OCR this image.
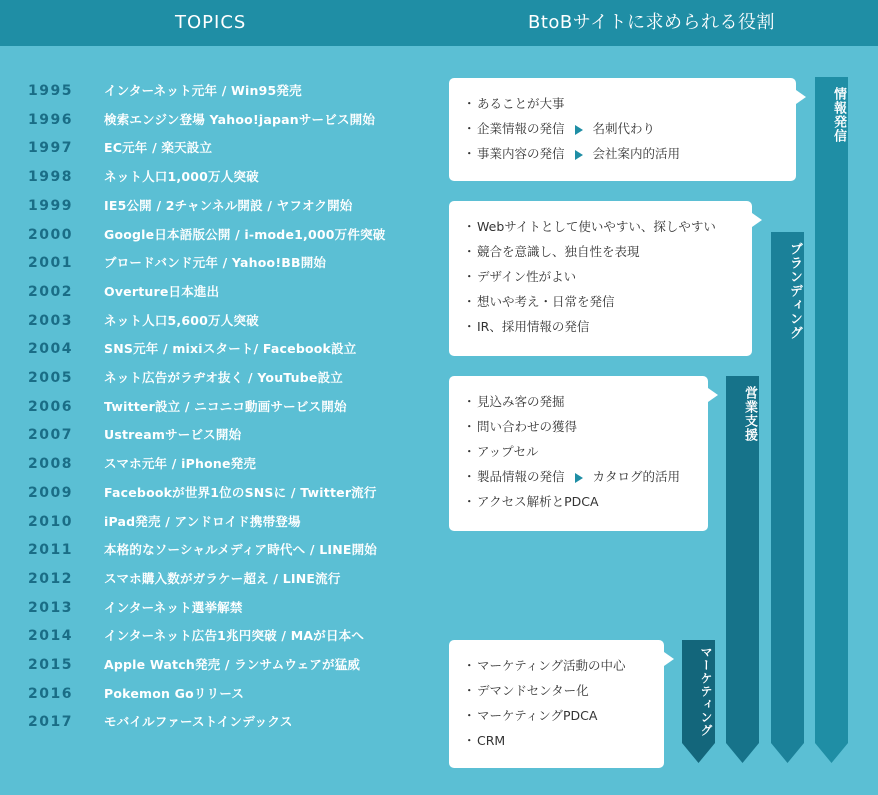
TOPICS	BtoBサイトに求められる役割
1995	インターネット元年 / Win95発売
1996	検索エンジン登場 Yahoo!japanサービス開始
1997	EC元年 / 楽天設立
1998	ネット人口1,000万人突破
1999	IE5公開 / 2チャンネル開設 / ヤフオク開始
2000	Google日本語版公開 / i-mode1,000万件突破
2001	ブロードバンド元年 / Yahoo!BB開始
2002	Overture日本進出
2003	ネット人口5,600万人突破
2004	SNS元年 / mixiスタート/ Facebook設立
2005	ネット広告がラヂオ抜く / YouTube設立
2006	Twitter設立 / ニコニコ動画サービス開始
2007	Ustreamサービス開始
2008	スマホ元年 / iPhone発売
2009	Facebookが世界1位のSNSに / Twitter流行
2010	iPad発売 / アンドロイド携帯登場
2011	本格的なソーシャルメディア時代へ / LINE開始
2012	スマホ購入数がガラケー超え / LINE流行
2013	インターネット選挙解禁
2014	インターネット広告1兆円突破 / MAが日本へ
2015	Apple Watch発売 / ランサムウェアが猛威
2016	Pokemon Goリリース
2017	モバイルファーストインデックス
・あることが大事
・企業情報の発信 名刺代わり
・事業内容の発信 会社案内的活用
・Webサイトとして使いやすい、探しやすい
・競合を意識し、独自性を表現
・デザイン性がよい
・想いや考え・日常を発信
・IR、採用情報の発信
・見込み客の発掘
・問い合わせの獲得
・アップセル
・製品情報の発信 カタログ的活用
・アクセス解析とPDCA
・マーケティング活動の中心
・デマンドセンター化
・マーケティングPDCA
・CRM
情報発信
ブランディング
営業支援
マーケティング
